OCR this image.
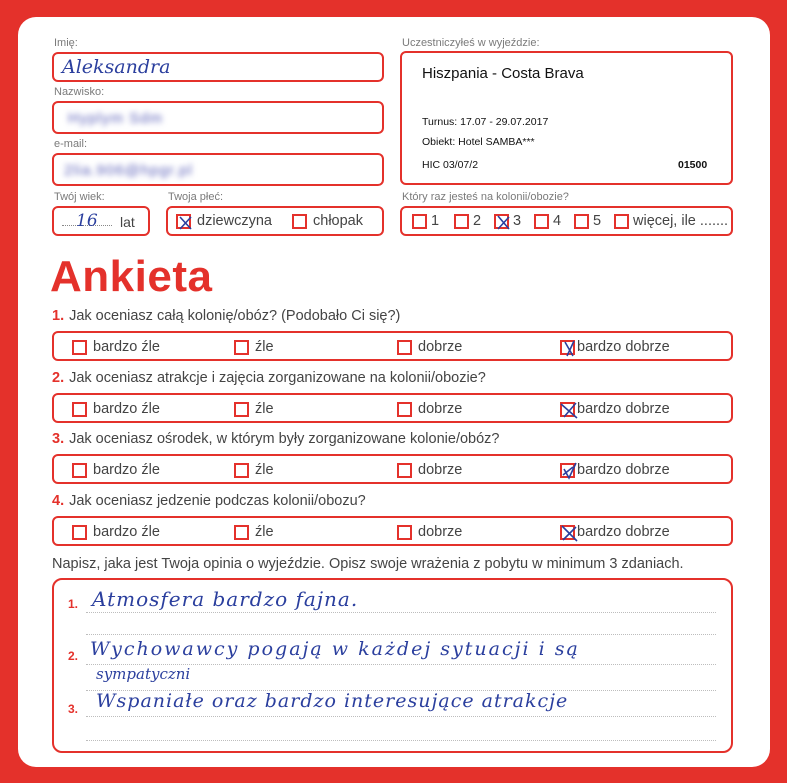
Imię:
Aleksandra
Nazwisko:
Hyplym Sdm
e-mail:
2lia.906@hpgr.pl
Twój wiek:
16 lat
Twoja płeć:
dziewczyna	chłopak
Uczestniczyłeś w wyjeździe:
Hiszpania - Costa Brava
Turnus: 17.07 - 29.07.2017
Obiekt: Hotel SAMBA***
HIC 03/07/2	01500
Który raz jesteś na kolonii/obozie?
1	2	3	4	5	więcej, ile .......
Ankieta
1. Jak oceniasz całą kolonię/obóz? (Podobało Ci się?)
bardzo źle	źle	dobrze	bardzo dobrze
2. Jak oceniasz atrakcje i zajęcia zorganizowane na kolonii/obozie?
bardzo źle	źle	dobrze	bardzo dobrze
3. Jak oceniasz ośrodek, w którym były zorganizowane kolonie/obóz?
bardzo źle	źle	dobrze	bardzo dobrze
4. Jak oceniasz jedzenie podczas kolonii/obozu?
bardzo źle	źle	dobrze	bardzo dobrze
Napisz, jaka jest Twoja opinia o wyjeździe. Opisz swoje wrażenia z pobytu w minimum 3 zdaniach.
1. Atmosfera bardzo fajna.
2. Wychowawcy pogają w każdej sytuacji i są
sympatyczni
3. Wspaniałe oraz bardzo interesujące atrakcje
